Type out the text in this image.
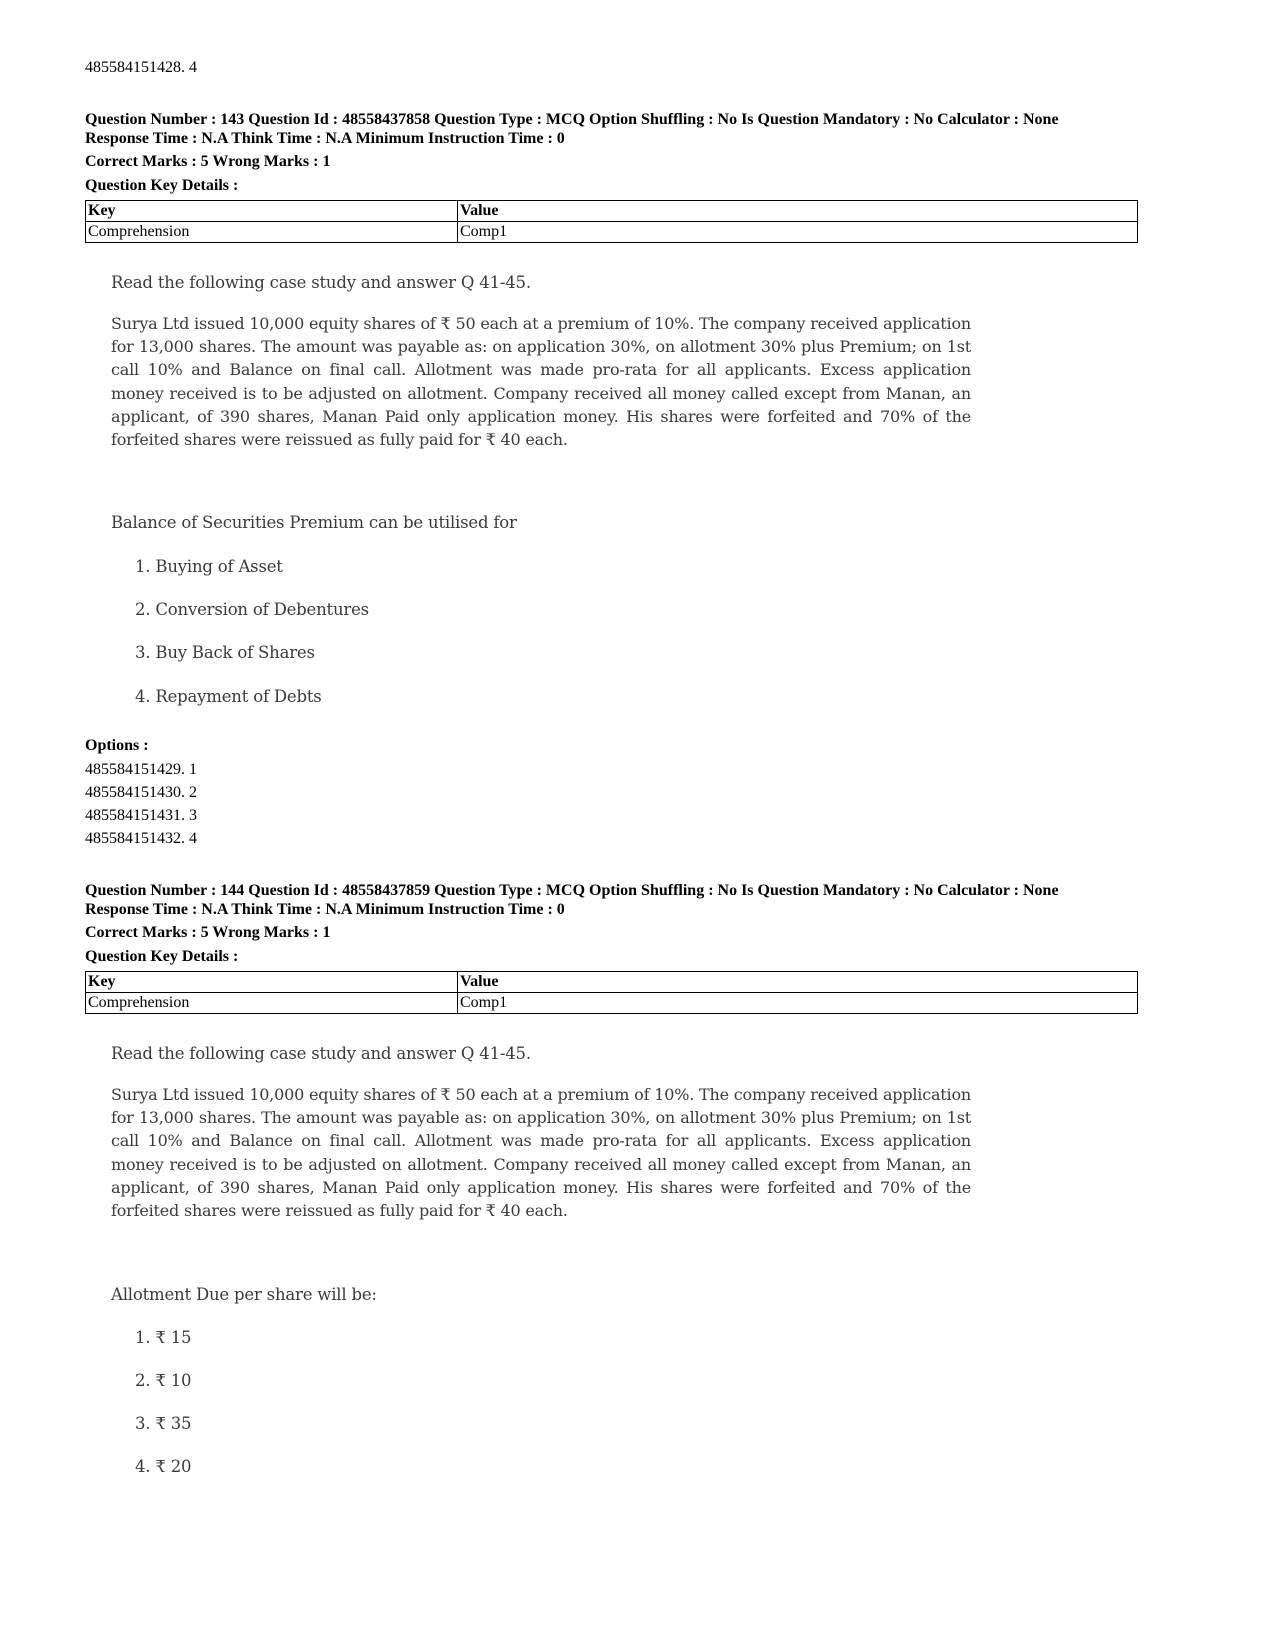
485584151428. 4
Question Number : 143 Question Id : 48558437858 Question Type : MCQ Option Shuffling : No Is Question Mandatory : No Calculator : None
Response Time : N.A Think Time : N.A Minimum Instruction Time : 0
Correct Marks : 5 Wrong Marks : 1
Question Key Details :
Key	Value
Comprehension	Comp1
Read the following case study and answer Q 41-45.
Surya Ltd issued 10,000 equity shares of ₹ 50 each at a premium of 10%. The company received application for 13,000 shares. The amount was payable as: on application 30%, on allotment 30% plus Premium; on 1st call 10% and Balance on final call. Allotment was made pro-rata for all applicants. Excess application money received is to be adjusted on allotment. Company received all money called except from Manan, an applicant, of 390 shares, Manan Paid only application money. His shares were forfeited and 70% of the forfeited shares were reissued as fully paid for ₹ 40 each.
Balance of Securities Premium can be utilised for
1. Buying of Asset
2. Conversion of Debentures
3. Buy Back of Shares
4. Repayment of Debts
Options :
485584151429. 1
485584151430. 2
485584151431. 3
485584151432. 4
Question Number : 144 Question Id : 48558437859 Question Type : MCQ Option Shuffling : No Is Question Mandatory : No Calculator : None
Response Time : N.A Think Time : N.A Minimum Instruction Time : 0
Correct Marks : 5 Wrong Marks : 1
Question Key Details :
Key	Value
Comprehension	Comp1
Read the following case study and answer Q 41-45.
Surya Ltd issued 10,000 equity shares of ₹ 50 each at a premium of 10%. The company received application for 13,000 shares. The amount was payable as: on application 30%, on allotment 30% plus Premium; on 1st call 10% and Balance on final call. Allotment was made pro-rata for all applicants. Excess application money received is to be adjusted on allotment. Company received all money called except from Manan, an applicant, of 390 shares, Manan Paid only application money. His shares were forfeited and 70% of the forfeited shares were reissued as fully paid for ₹ 40 each.
Allotment Due per share will be:
1. ₹ 15
2. ₹ 10
3. ₹ 35
4. ₹ 20
